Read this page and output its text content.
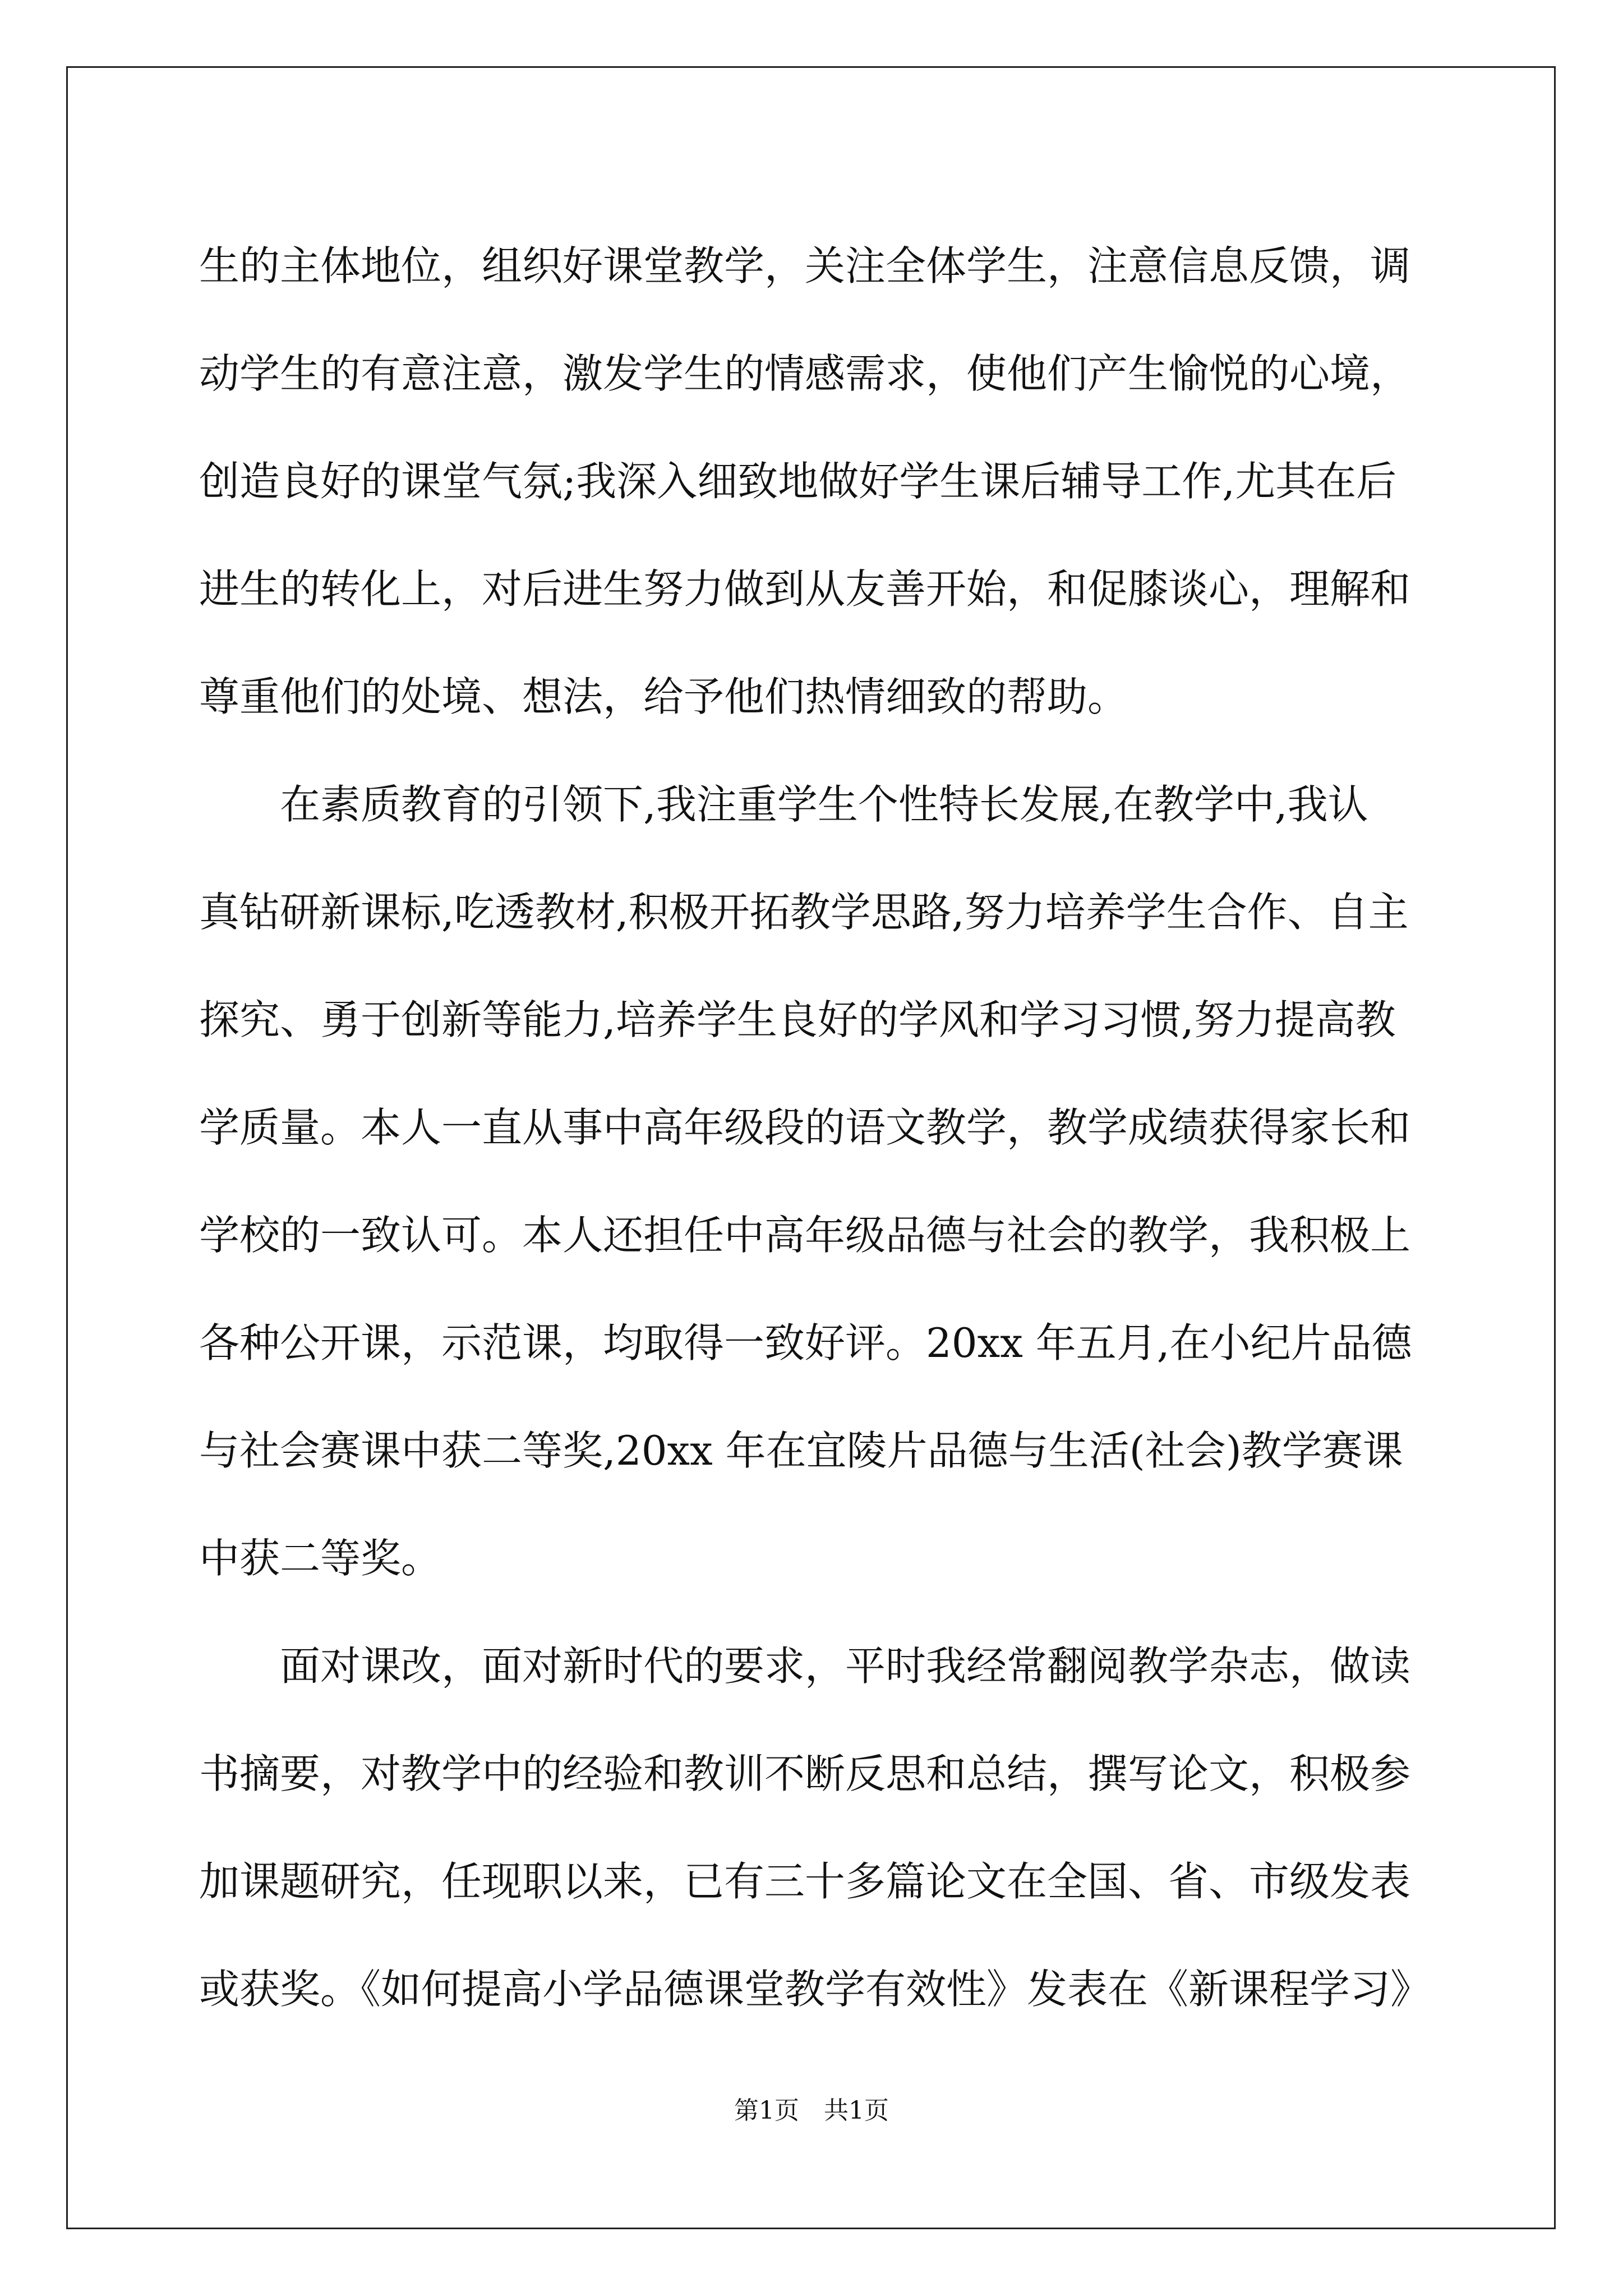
生的主体地位，组织好课堂教学，关注全体学生，注意信息反馈，调
动学生的有意注意，激发学生的情感需求，使他们产生愉悦的心境，
创造良好的课堂气氛;我深入细致地做好学生课后辅导工作,尤其在后
进生的转化上，对后进生努力做到从友善开始，和促膝谈心，理解和
尊重他们的处境、想法，给予他们热情细致的帮助。
　　在素质教育的引领下,我注重学生个性特长发展,在教学中,我认
真钻研新课标,吃透教材,积极开拓教学思路,努力培养学生合作、自主
探究、勇于创新等能力,培养学生良好的学风和学习习惯,努力提高教
学质量。本人一直从事中高年级段的语文教学，教学成绩获得家长和
学校的一致认可。本人还担任中高年级品德与社会的教学，我积极上
各种公开课，示范课，均取得一致好评。20xx 年五月,在小纪片品德
与社会赛课中获二等奖,20xx 年在宜陵片品德与生活(社会)教学赛课
中获二等奖。
　　面对课改，面对新时代的要求，平时我经常翻阅教学杂志，做读
书摘要，对教学中的经验和教训不断反思和总结，撰写论文，积极参
加课题研究，任现职以来，已有三十多篇论文在全国、省、市级发表
或获奖。《如何提高小学品德课堂教学有效性》发表在《新课程学习》
第1页　共1页
